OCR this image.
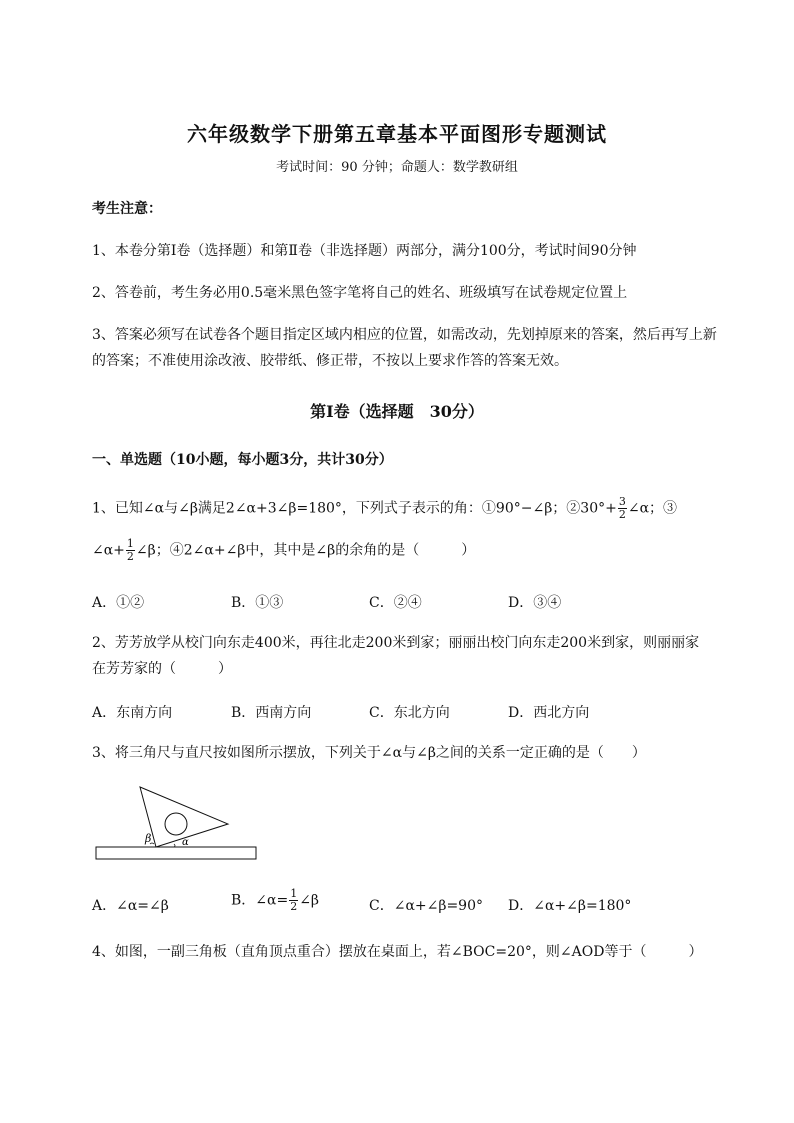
六年级数学下册第五章基本平面图形专题测试
考试时间：90 分钟；命题人：数学教研组
考生注意：
1、本卷分第Ⅰ卷（选择题）和第Ⅱ卷（非选择题）两部分，满分100分，考试时间90分钟
2、答卷前，考生务必用0.5毫米黑色签字笔将自己的姓名、班级填写在试卷规定位置上
3、答案必须写在试卷各个题目指定区域内相应的位置，如需改动，先划掉原来的答案，然后再写上新
的答案；不准使用涂改液、胶带纸、修正带，不按以上要求作答的答案无效。
第Ⅰ卷（选择题　30分）
一、单选题（10小题，每小题3分，共计30分）
1、已知∠α与∠β满足2∠α+3∠β=180°，下列式子表示的角：①90°−∠β；②30°+ $\frac{3}{2}$ ∠α；③
∠α+ $\frac{1}{2}$ ∠β；④2∠α+∠β中，其中是∠β的余角的是（　　　）
A．①②	B．①③	C．②④	D．③④
2、芳芳放学从校门向东走400米，再往北走200米到家；丽丽出校门向东走200米到家，则丽丽家
在芳芳家的（　　　）
A．东南方向	B．西南方向	C．东北方向	D．西北方向
3、将三角尺与直尺按如图所示摆放，下列关于∠α与∠β之间的关系一定正确的是（　　）
β	α
A．∠α=∠β	B．∠α= $\frac{1}{2}$ ∠β	C．∠α+∠β=90° D．∠α+∠β=180°
4、如图，一副三角板（直角顶点重合）摆放在桌面上，若∠BOC=20°，则∠AOD等于（　　　）
